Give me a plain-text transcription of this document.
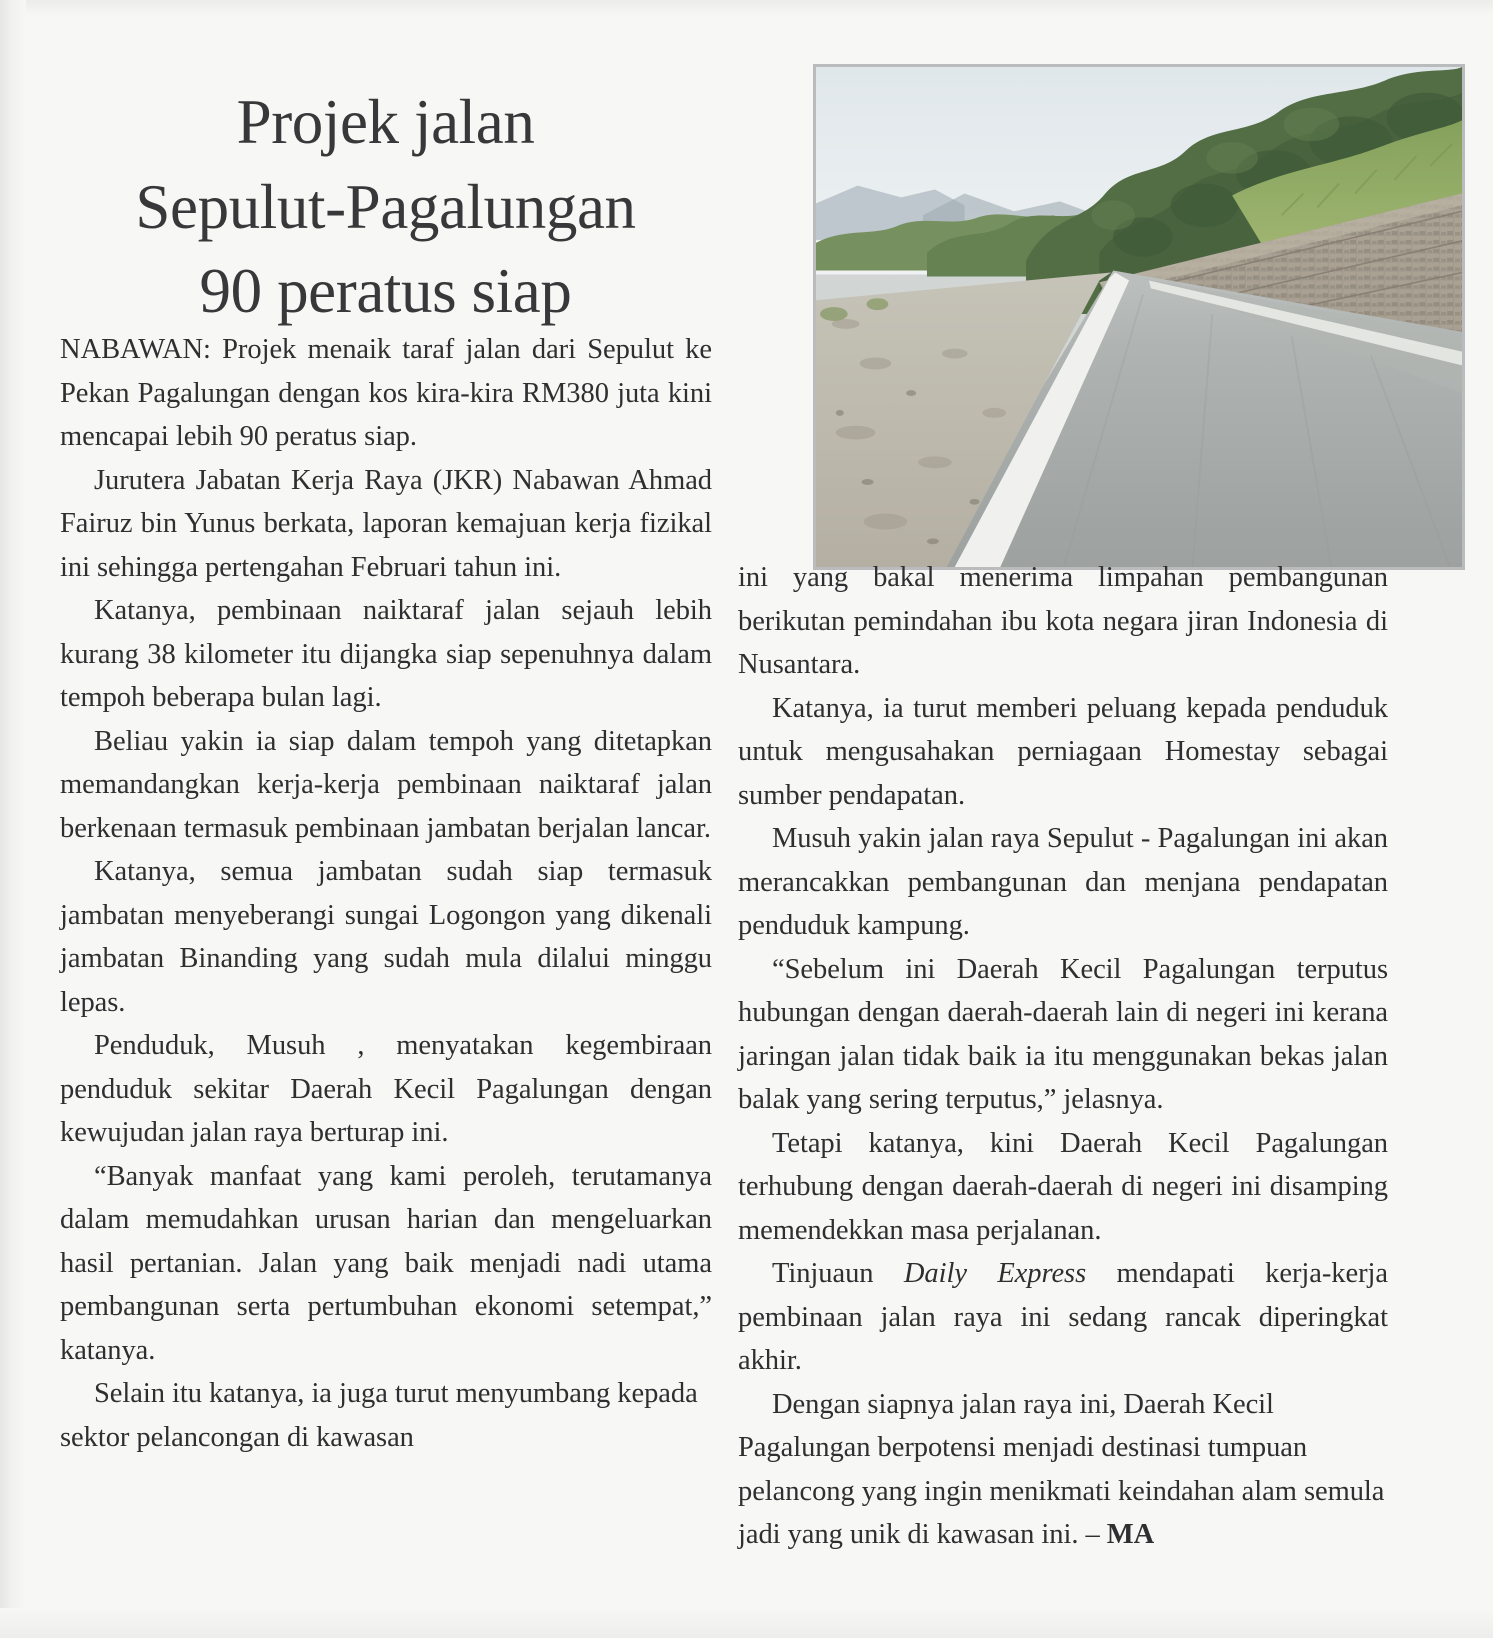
Projek jalan
Sepulut-Pagalungan
90 peratus siap

NABAWAN: Projek menaik taraf jalan dari Sepulut ke Pekan Pagalungan dengan kos kira-kira RM380 juta kini mencapai lebih 90 peratus siap.

Jurutera Jabatan Kerja Raya (JKR) Nabawan Ahmad Fairuz bin Yunus berkata, laporan kemajuan kerja fizikal ini sehingga pertengahan Februari tahun ini.

Katanya, pembinaan naiktaraf jalan sejauh lebih kurang 38 kilometer itu dijangka siap sepenuhnya dalam tempoh beberapa bulan lagi.

Beliau yakin ia siap dalam tempoh yang ditetapkan memandangkan kerja-kerja pembinaan naiktaraf jalan berkenaan termasuk pembinaan jambatan berjalan lancar.

Katanya, semua jambatan sudah siap termasuk jambatan menyeberangi sungai Logongon yang dikenali jambatan Binanding yang sudah mula dilalui minggu lepas.

Penduduk, Musuh , menyatakan kegembiraan penduduk sekitar Daerah Kecil Pagalungan dengan kewujudan jalan raya berturap ini.

“Banyak manfaat yang kami peroleh, terutamanya dalam memudahkan urusan harian dan mengeluarkan hasil pertanian. Jalan yang baik menjadi nadi utama pembangunan serta pertumbuhan ekonomi setempat,” katanya.

Selain itu katanya, ia juga turut menyumbang kepada sektor pelancongan di kawasan

ini yang bakal menerima limpahan pembangunan berikutan pemindahan ibu kota negara jiran Indonesia di Nusantara.

Katanya, ia turut memberi peluang kepada penduduk untuk mengusahakan perniagaan Homestay sebagai sumber pendapatan.

Musuh yakin jalan raya Sepulut - Pagalungan ini akan merancakkan pembangunan dan menjana pendapatan penduduk kampung.

“Sebelum ini Daerah Kecil Pagalungan terputus hubungan dengan daerah-daerah lain di negeri ini kerana jaringan jalan tidak baik ia itu menggunakan bekas jalan balak yang sering terputus,” jelasnya.

Tetapi katanya, kini Daerah Kecil Pagalungan terhubung dengan daerah-daerah di negeri ini disamping memendekkan masa perjalanan.

Tinjuaun Daily Express mendapati kerja-kerja pembinaan jalan raya ini sedang rancak diperingkat akhir.

Dengan siapnya jalan raya ini, Daerah Kecil Pagalungan berpotensi menjadi destinasi tumpuan pelancong yang ingin menikmati keindahan alam semula jadi yang unik di kawasan ini. – MA
